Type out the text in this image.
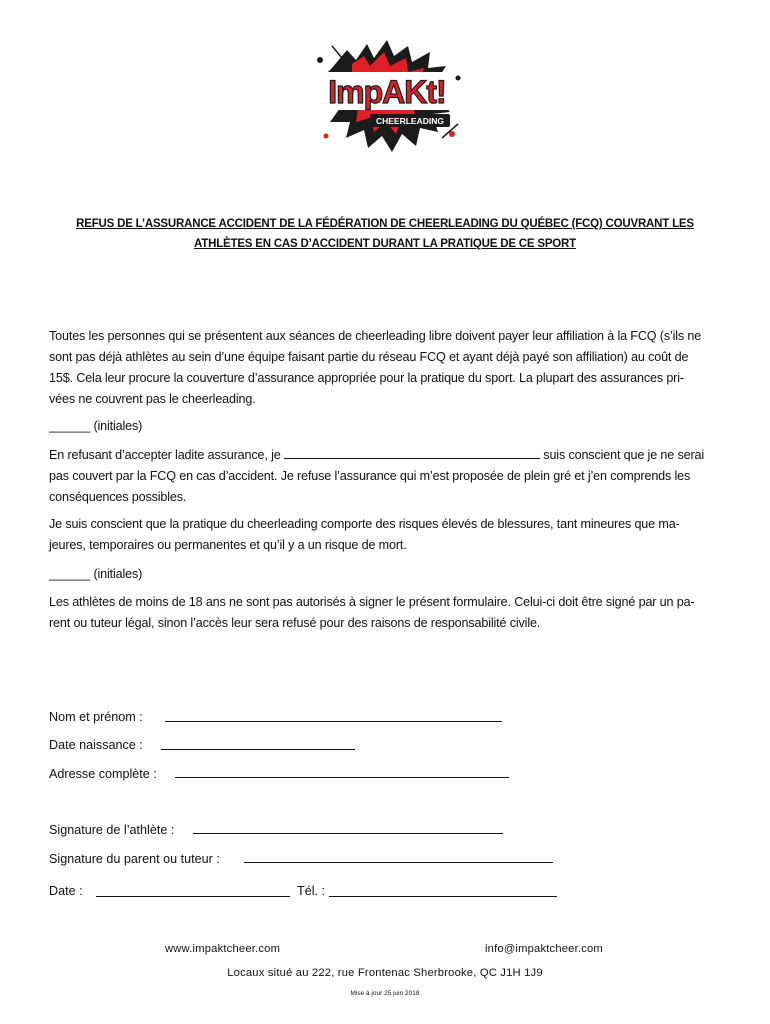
ImpAKt!
CHEERLEADING
REFUS DE L’ASSURANCE ACCIDENT DE LA FÉDÉRATION DE CHEERLEADING DU QUÉBEC (FCQ) COUVRANT LES
ATHLÈTES EN CAS D’ACCIDENT DURANT LA PRATIQUE DE CE SPORT
Toutes les personnes qui se présentent aux séances de cheerleading libre doivent payer leur affiliation à la FCQ (s’ils ne
sont pas déjà athlètes au sein d’une équipe faisant partie du réseau FCQ et ayant déjà payé son affiliation) au coût de
15$. Cela leur procure la couverture d’assurance appropriée pour la pratique du sport. La plupart des assurances pri-
vées ne couvrent pas le cheerleading.
______ (initiales)
En refusant d’accepter ladite assurance, je	suis conscient que je ne serai
pas couvert par la FCQ en cas d’accident. Je refuse l’assurance qui m’est proposée de plein gré et j’en comprends les
conséquences possibles.
Je suis conscient que la pratique du cheerleading comporte des risques élevés de blessures, tant mineures que ma-
jeures, temporaires ou permanentes et qu’il y a un risque de mort.
______ (initiales)
Les athlètes de moins de 18 ans ne sont pas autorisés à signer le présent formulaire. Celui-ci doit être signé par un pa-
rent ou tuteur légal, sinon l’accès leur sera refusé pour des raisons de responsabilité civile.
Nom et prénom :
Date naissance :
Adresse complète :
Signature de l’athlète :
Signature du parent ou tuteur :
Date :	Tél. :
www.impaktcheer.com	info@impaktcheer.com
Locaux situé au 222, rue Frontenac Sherbrooke, QC J1H 1J9
Mise à jour 25 juin 2018
